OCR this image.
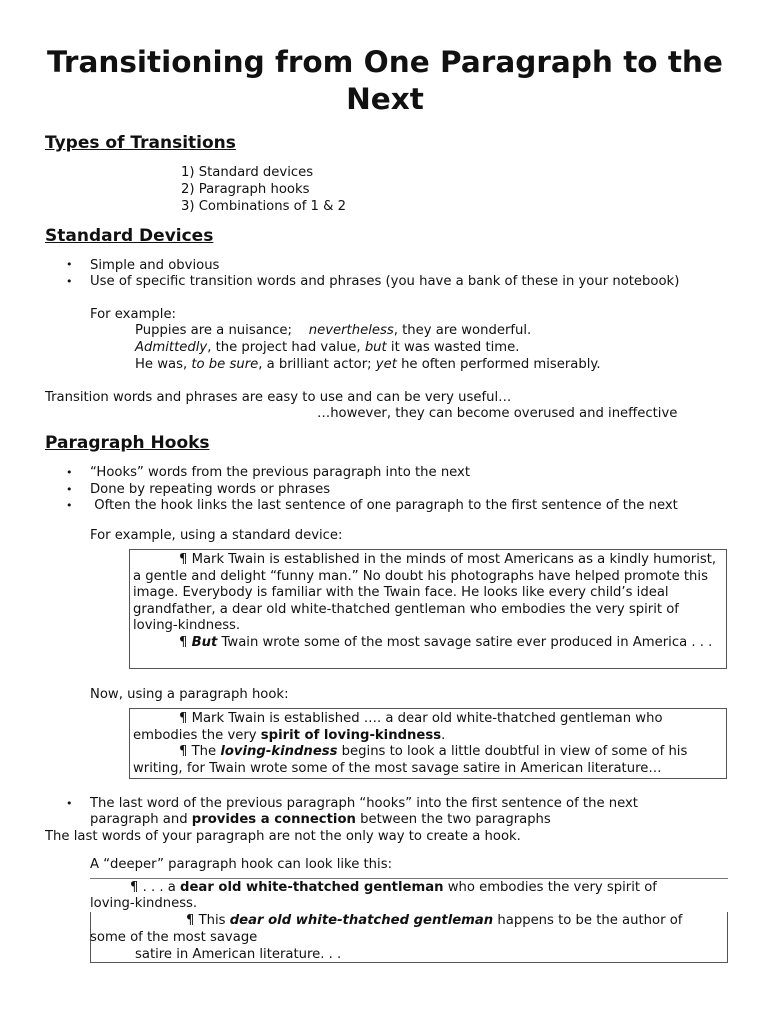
Transitioning from One Paragraph to the Next
Types of Transitions
1) Standard devices
2) Paragraph hooks
3) Combinations of 1 & 2
Standard Devices
• Simple and obvious
• Use of specific transition words and phrases (you have a bank of these in your notebook)
For example:
Puppies are a nuisance; nevertheless, they are wonderful.
Admittedly, the project had value, but it was wasted time.
He was, to be sure, a brilliant actor; yet he often performed miserably.
Transition words and phrases are easy to use and can be very useful…
…however, they can become overused and ineffective
Paragraph Hooks
• “Hooks” words from the previous paragraph into the next
• Done by repeating words or phrases
• Often the hook links the last sentence of one paragraph to the first sentence of the next
For example, using a standard device:

¶ Mark Twain is established in the minds of most Americans as a kindly humorist, a gentle and delight “funny man.” No doubt his photographs have helped promote this image. Everybody is familiar with the Twain face. He looks like every child’s ideal grandfather, a dear old white-thatched gentleman who embodies the very spirit of loving-kindness.

¶ But Twain wrote some of the most savage satire ever produced in America . . .

Now, using a paragraph hook:

¶ Mark Twain is established …. a dear old white-thatched gentleman who embodies the very spirit of loving-kindness.

¶ The loving-kindness begins to look a little doubtful in view of some of his writing, for Twain wrote some of the most savage satire in American literature…

• The last word of the previous paragraph “hooks” into the first sentence of the next
paragraph and provides a connection between the two paragraphs
The last words of your paragraph are not the only way to create a hook.
A “deeper” paragraph hook can look like this:
¶ . . . a dear old white-thatched gentleman who embodies the very spirit of
loving-kindness.
¶ This dear old white-thatched gentleman happens to be the author of
some of the most savage
satire in American literature. . .
